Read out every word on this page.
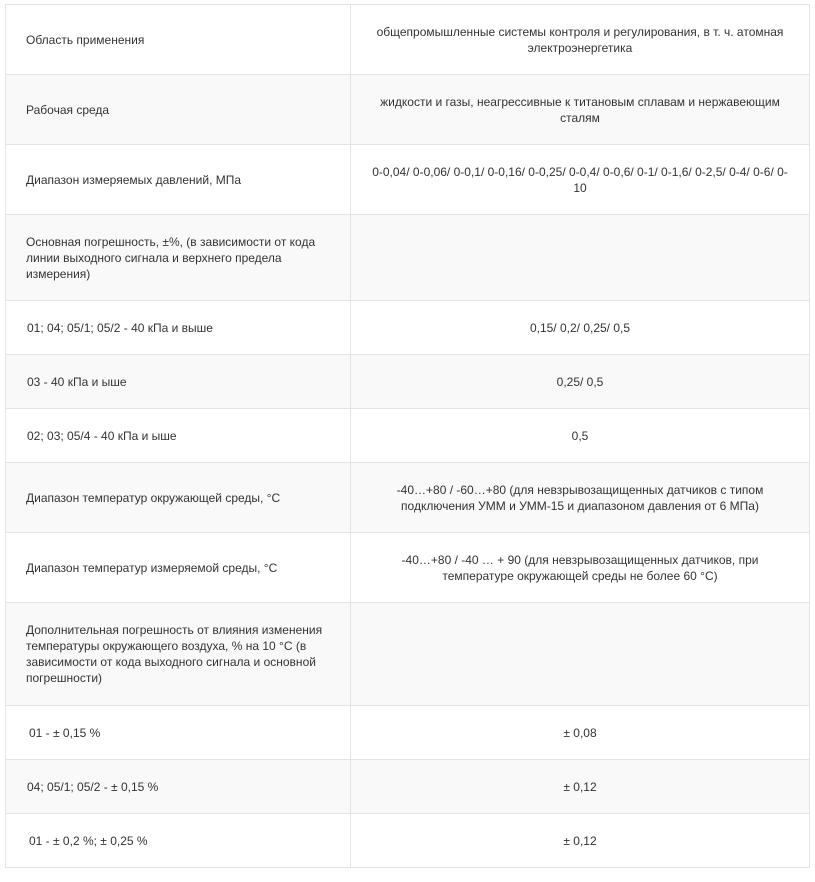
Область применения	общепромышленные системы контроля и регулирования, в т. ч. атомная электроэнергетика

Рабочая среда	жидкости и газы, неагрессивные к титановым сплавам и нержавеющим сталям

Диапазон измеряемых давлений, МПа	0-0,04/ 0-0,06/ 0-0,1/ 0-0,16/ 0-0,25/ 0-0,4/ 0-0,6/ 0-1/ 0-1,6/ 0-2,5/ 0-4/ 0-6/ 0-10

Основная погрешность, ±%, (в зависимости от кода линии выходного сигнала и верхнего предела измерения)	

01; 04; 05/1; 05/2 - 40 кПа и выше	0,15/ 0,2/ 0,25/ 0,5

03 - 40 кПа и ыше	0,25/ 0,5

02; 03; 05/4 - 40 кПа и ыше	0,5

Диапазон температур окружающей среды, °С	-40…+80 / -60…+80 (для невзрывозащищенных датчиков с типом подключения УММ и УММ-15 и диапазоном давления от 6 МПа)

Диапазон температур измеряемой среды, °С	-40…+80 / -40 … + 90 (для невзрывозащищенных датчиков, при температуре окружающей среды не более 60 °С)

Дополнительная погрешность от влияния изменения температуры окружающего воздуха, % на 10 °С (в зависимости от кода выходного сигнала и основной погрешности)	

01 - ± 0,15 %	± 0,08

04; 05/1; 05/2 - ± 0,15 %	± 0,12

01 - ± 0,2 %; ± 0,25 %	± 0,12
